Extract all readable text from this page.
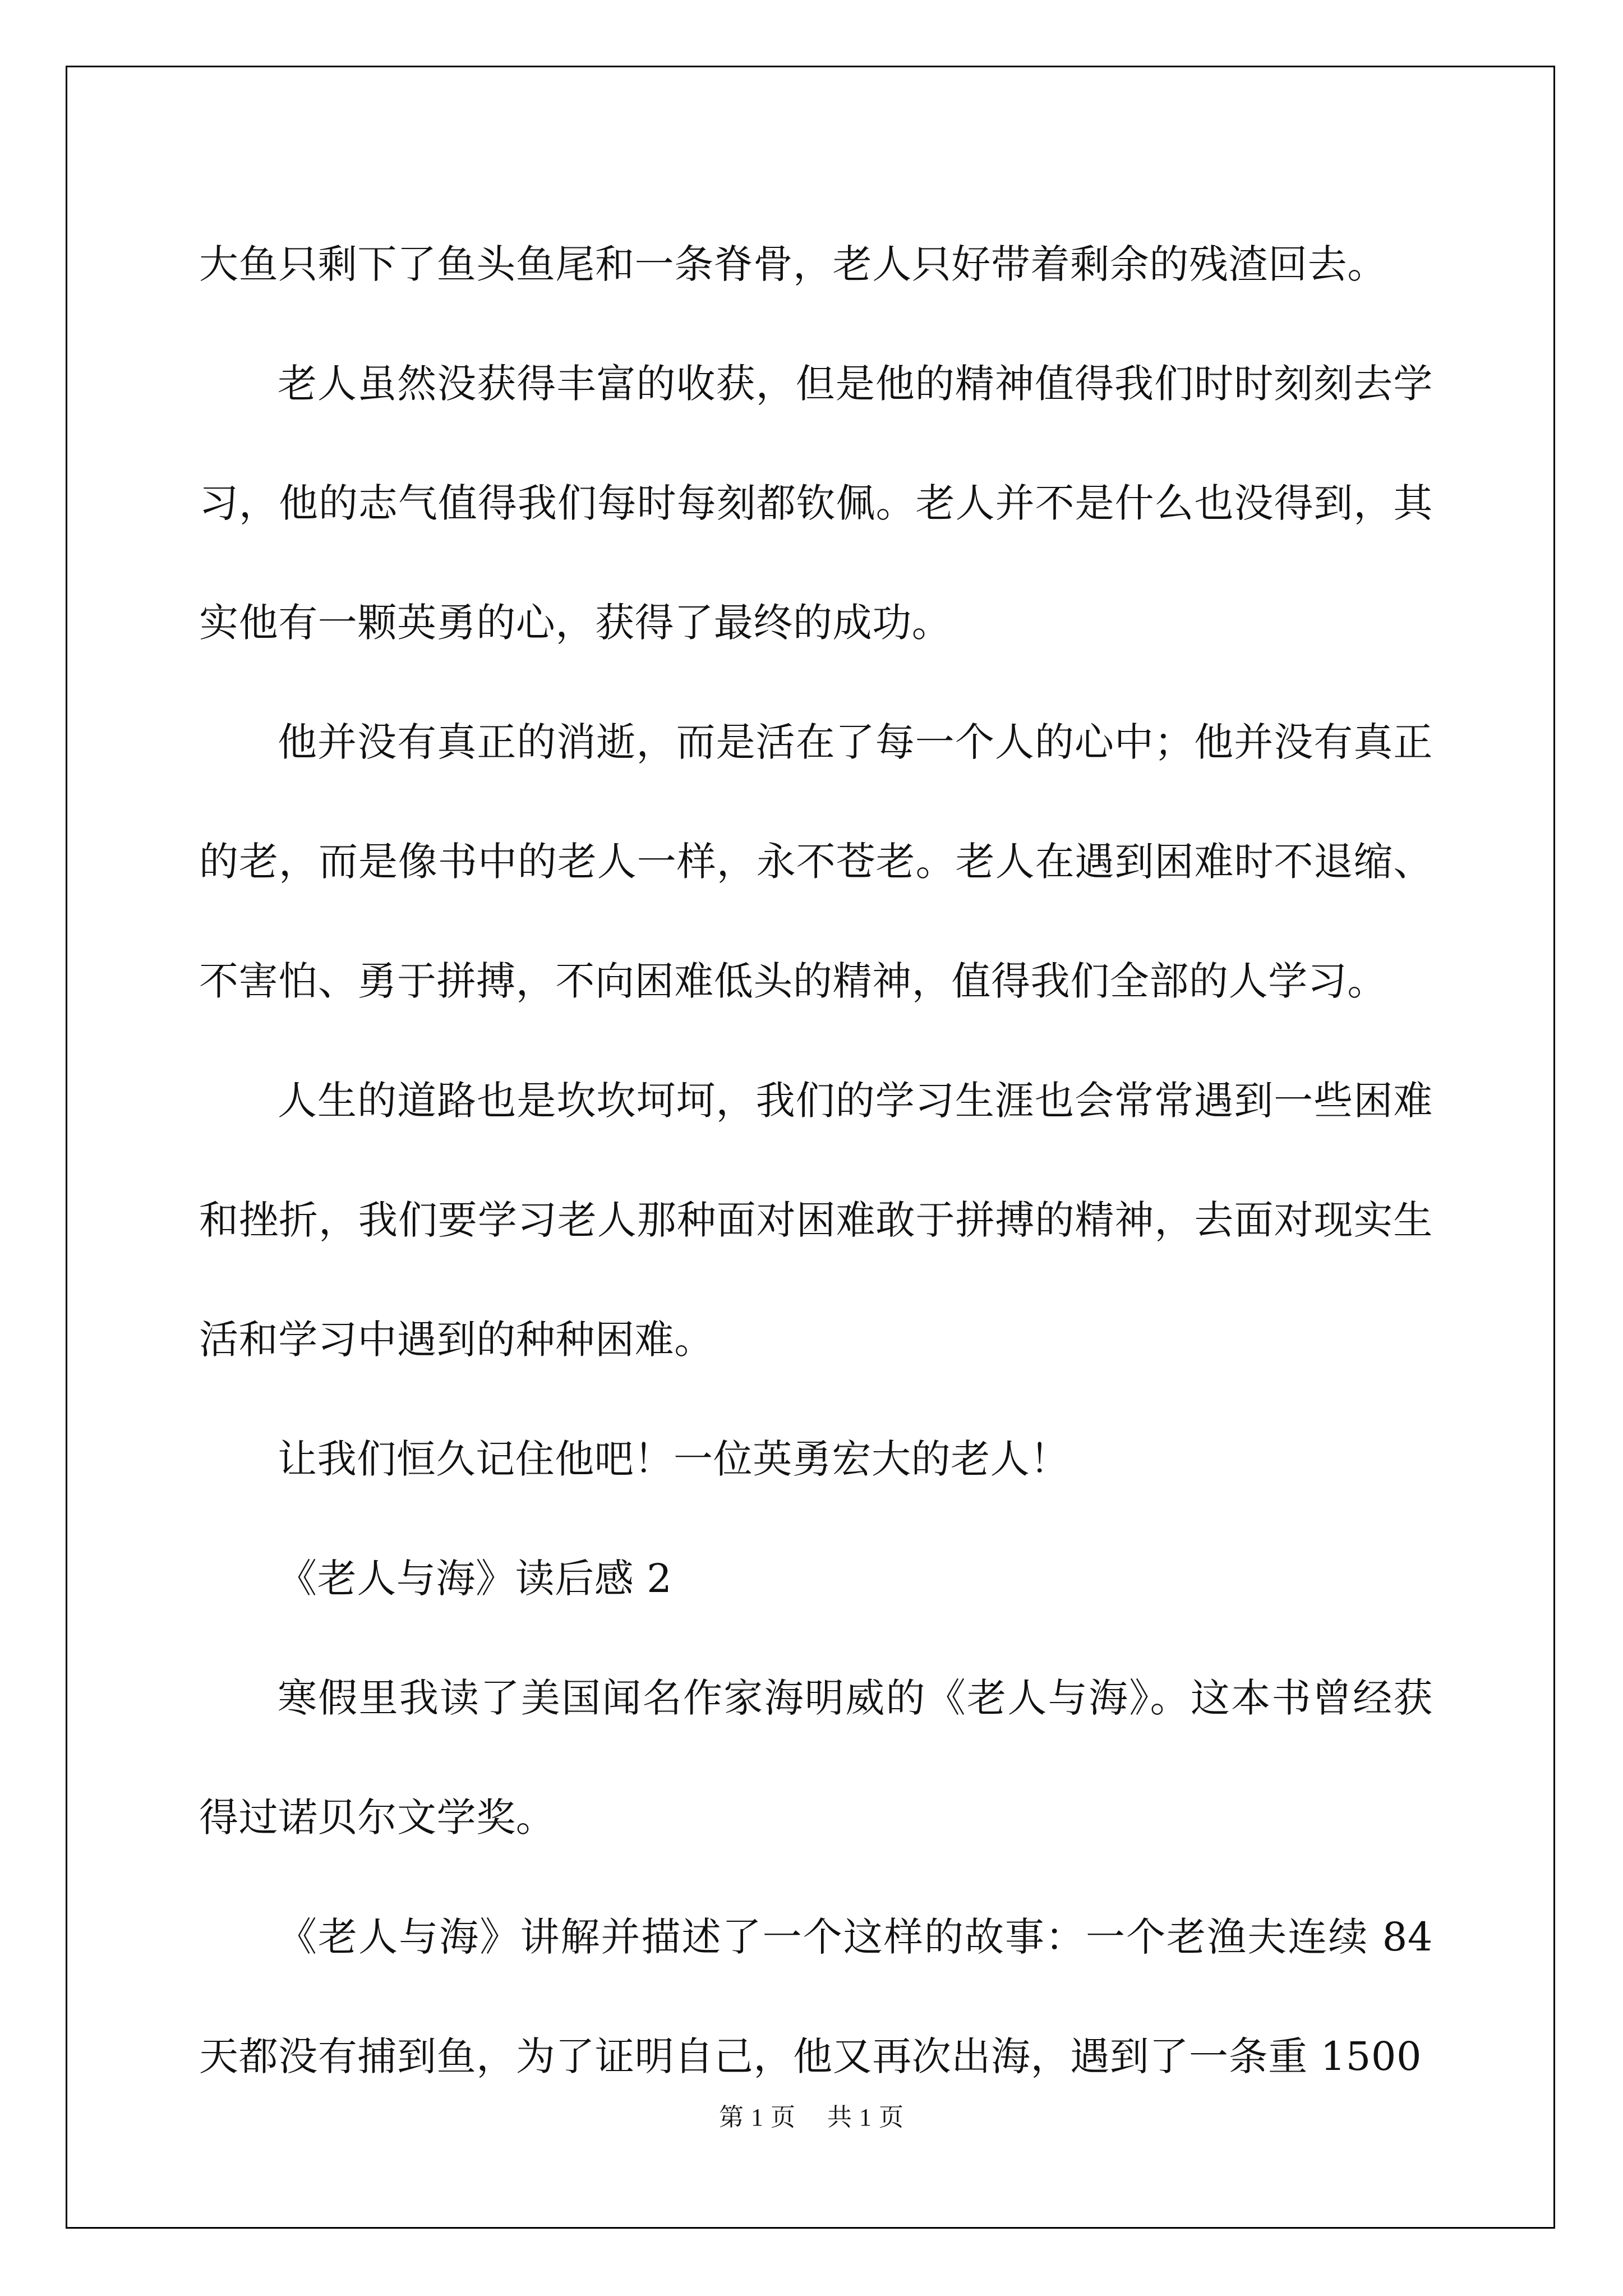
大鱼只剩下了鱼头鱼尾和一条脊骨，老人只好带着剩余的残渣回去。

老人虽然没获得丰富的收获，但是他的精神值得我们时时刻刻去学习，他的志气值得我们每时每刻都钦佩。老人并不是什么也没得到，其实他有一颗英勇的心，获得了最终的成功。

他并没有真正的消逝，而是活在了每一个人的心中；他并没有真正的老，而是像书中的老人一样，永不苍老。老人在遇到困难时不退缩、不害怕、勇于拼搏，不向困难低头的精神，值得我们全部的人学习。

人生的道路也是坎坎坷坷，我们的学习生涯也会常常遇到一些困难和挫折，我们要学习老人那种面对困难敢于拼搏的精神，去面对现实生活和学习中遇到的种种困难。

让我们恒久记住他吧！一位英勇宏大的老人！

《老人与海》读后感 2

寒假里我读了美国闻名作家海明威的《老人与海》。这本书曾经获得过诺贝尔文学奖。

《老人与海》讲解并描述了一个这样的故事：一个老渔夫连续 84 天都没有捕到鱼，为了证明自己，他又再次出海，遇到了一条重 1500

第 1 页 共 1 页
